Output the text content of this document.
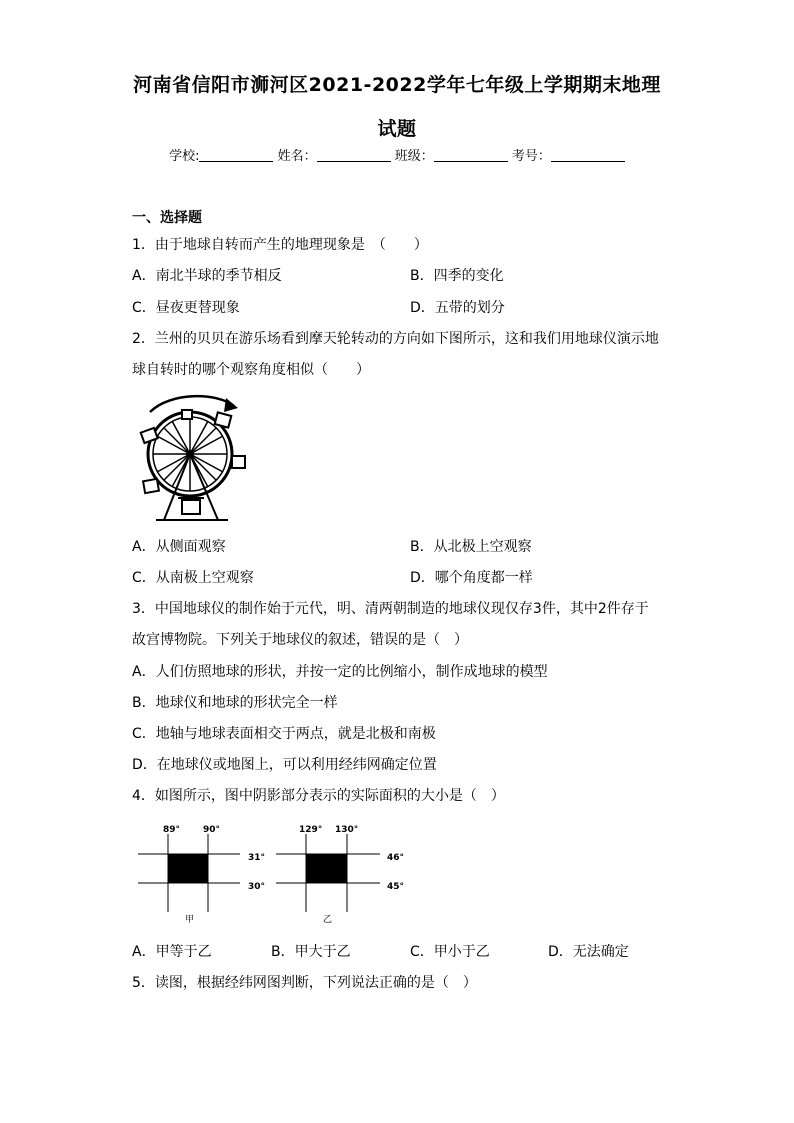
河南省信阳市浉河区2021-2022学年七年级上学期期末地理
试题
学校:	姓名：	班级：	考号：
一、选择题
1．由于地球自转而产生的地理现象是　（　　）
A．南北半球的季节相反	B．四季的变化
C．昼夜更替现象	D．五带的划分
2．兰州的贝贝在游乐场看到摩天轮转动的方向如下图所示，这和我们用地球仪演示地
球自转时的哪个观察角度相似（　　）
A．从侧面观察	B．从北极上空观察
C．从南极上空观察	D．哪个角度都一样
3．中国地球仪的制作始于元代，明、清两朝制造的地球仪现仅存3件，其中2件存于
故宫博物院。下列关于地球仪的叙述，错误的是（　）
A．人们仿照地球的形状，并按一定的比例缩小，制作成地球的模型
B．地球仪和地球的形状完全一样
C．地轴与地球表面相交于两点，就是北极和南极
D．在地球仪或地图上，可以利用经纬网确定位置
4．如图所示，图中阴影部分表示的实际面积的大小是（　）
89°	90°
31°
30°
甲
129° 130°
46°
45°
乙
A．甲等于乙	B．甲大于乙	C．甲小于乙	D．无法确定
5．读图，根据经纬网图判断，下列说法正确的是（　）
